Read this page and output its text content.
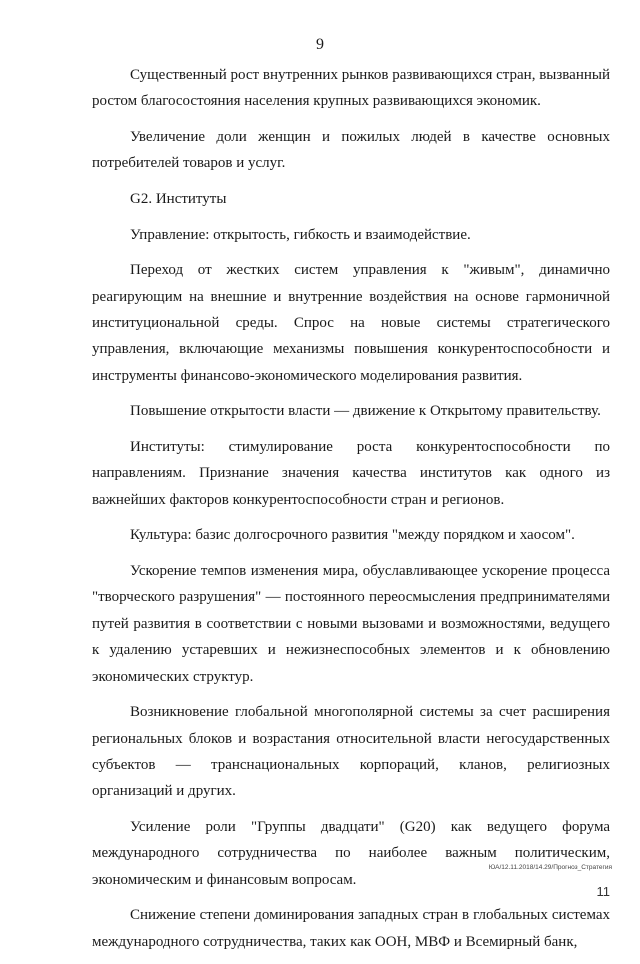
9

Существенный рост внутренних рынков развивающихся стран, вызванный ростом благосостояния населения крупных развивающихся экономик.

Увеличение доли женщин и пожилых людей в качестве основных потребителей товаров и услуг.

G2. Институты

Управление: открытость, гибкость и взаимодействие.

Переход от жестких систем управления к "живым", динамично реагирующим на внешние и внутренние воздействия на основе гармоничной институциональной среды. Спрос на новые системы стратегического управления, включающие механизмы повышения конкурентоспособности и инструменты финансово-экономического моделирования развития.

Повышение открытости власти — движение к Открытому правительству.

Институты: стимулирование роста конкурентоспособности по направлениям. Признание значения качества институтов как одного из важнейших факторов конкурентоспособности стран и регионов.

Культура: базис долгосрочного развития "между порядком и хаосом".

Ускорение темпов изменения мира, обуславливающее ускорение процесса "творческого разрушения" — постоянного переосмысления предпринимателями путей развития в соответствии с новыми вызовами и возможностями, ведущего к удалению устаревших и нежизнеспособных элементов и к обновлению экономических структур.

Возникновение глобальной многополярной системы за счет расширения региональных блоков и возрастания относительной власти негосударственных субъектов — транснациональных корпораций, кланов, религиозных организаций и других.

Усиление роли "Группы двадцати" (G20) как ведущего форума международного сотрудничества по наиболее важным политическим, экономическим и финансовым вопросам.

Снижение степени доминирования западных стран в глобальных системах международного сотрудничества, таких как ООН, МВФ и Всемирный банк,

ЮА/12.11.2018/14.29/Прогноз_Стратегия
11
